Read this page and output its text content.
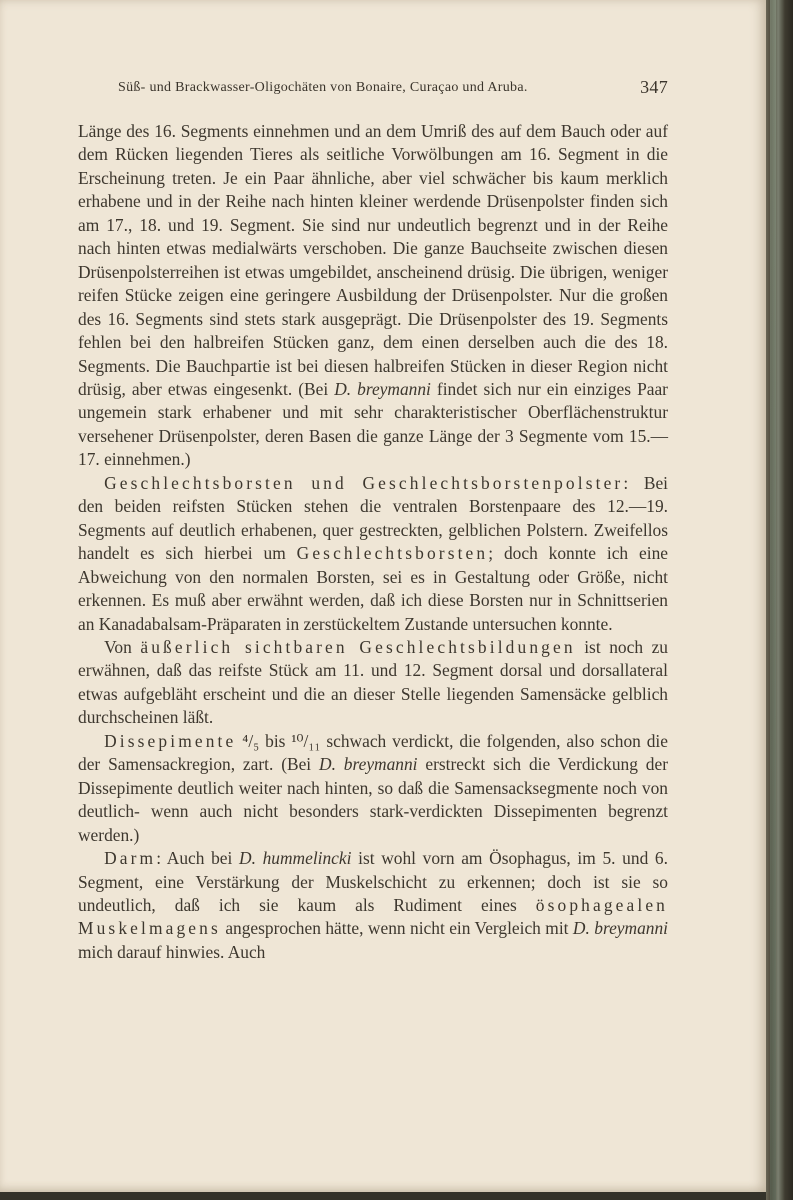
Süß- und Brackwasser-Oligochäten von Bonaire, Curaçao und Aruba.	347

Länge des 16. Segments einnehmen und an dem Umriß des auf dem Bauch oder auf dem Rücken liegenden Tieres als seitliche Vorwölbungen am 16. Segment in die Erscheinung treten. Je ein Paar ähnliche, aber viel schwächer bis kaum merklich erhabene und in der Reihe nach hinten kleiner werdende Drüsenpolster finden sich am 17., 18. und 19. Segment. Sie sind nur undeutlich begrenzt und in der Reihe nach hinten etwas medialwärts verschoben. Die ganze Bauchseite zwischen diesen Drüsenpolsterreihen ist etwas umgebildet, anscheinend drüsig. Die übrigen, weniger reifen Stücke zeigen eine geringere Ausbildung der Drüsenpolster. Nur die großen des 16. Segments sind stets stark ausgeprägt. Die Drüsenpolster des 19. Segments fehlen bei den halbreifen Stücken ganz, dem einen derselben auch die des 18. Segments. Die Bauchpartie ist bei diesen halbreifen Stücken in dieser Region nicht drüsig, aber etwas eingesenkt. (Bei D. breymanni findet sich nur ein einziges Paar ungemein stark erhabener und mit sehr charakteristischer Oberflächenstruktur versehener Drüsenpolster, deren Basen die ganze Länge der 3 Segmente vom 15.—17. einnehmen.)

Geschlechtsborsten und Geschlechtsborstenpolster: Bei den beiden reifsten Stücken stehen die ventralen Borstenpaare des 12.—19. Segments auf deutlich erhabenen, quer gestreckten, gelblichen Polstern. Zweifellos handelt es sich hierbei um Geschlechtsborsten; doch konnte ich eine Abweichung von den normalen Borsten, sei es in Gestaltung oder Größe, nicht erkennen. Es muß aber erwähnt werden, daß ich diese Borsten nur in Schnittserien an Kanadabalsam-Präparaten in zerstückeltem Zustande untersuchen konnte.

Von äußerlich sichtbaren Geschlechtsbildungen ist noch zu erwähnen, daß das reifste Stück am 11. und 12. Segment dorsal und dorsallateral etwas aufgebläht erscheint und die an dieser Stelle liegenden Samensäcke gelblich durchscheinen läßt.

Dissepimente ⁴/₅ bis ¹⁰/₁₁ schwach verdickt, die folgenden, also schon die der Samensackregion, zart. (Bei D. breymanni erstreckt sich die Verdickung der Dissepimente deutlich weiter nach hinten, so daß die Samensacksegmente noch von deutlich- wenn auch nicht besonders stark-verdickten Dissepimenten begrenzt werden.)

Darm: Auch bei D. hummelincki ist wohl vorn am Ösophagus, im 5. und 6. Segment, eine Verstärkung der Muskelschicht zu erkennen; doch ist sie so undeutlich, daß ich sie kaum als Rudiment eines ösophagealen Muskelmagens angesprochen hätte, wenn nicht ein Vergleich mit D. breymanni mich darauf hinwies. Auch
